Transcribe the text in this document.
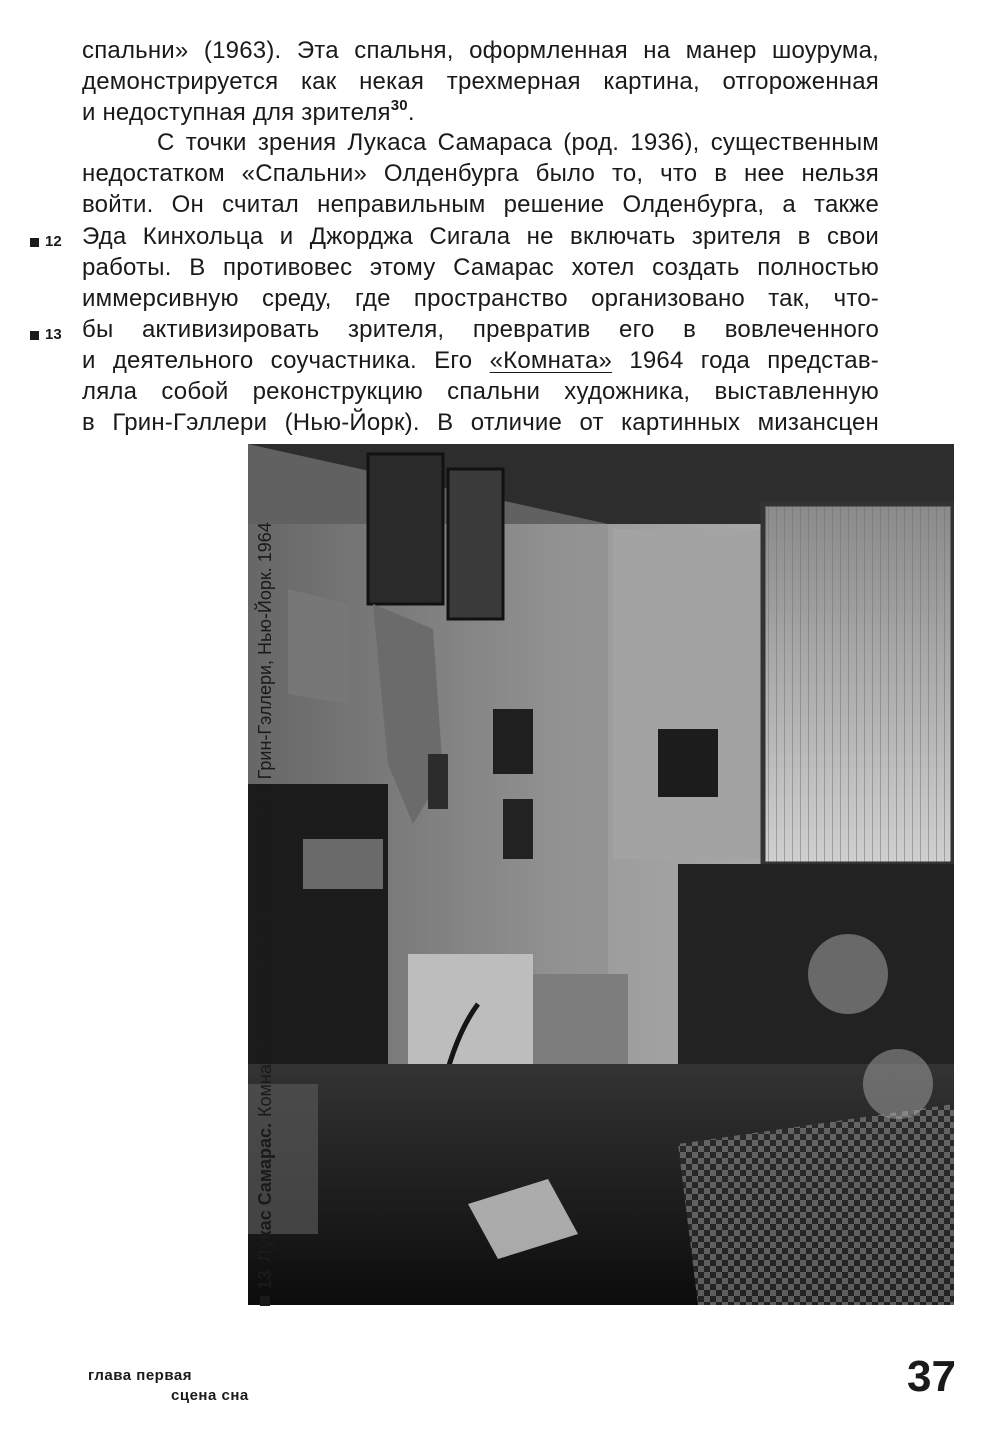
спальни» (1963). Эта спальня, оформленная на манер шоурума,
демонстрируется как некая трехмерная картина, отгороженная
и недоступная для зрителя$^{30}$.
С точки зрения Лукаса Самараса (род. 1936), существенным
недостатком «Спальни» Олденбурга было то, что в нее нельзя
войти. Он считал неправильным решение Олденбурга, а также
Эда Кинхольца и Джорджа Сигала не включать зрителя в свои
работы. В противовес этому Самарас хотел создать полностью
иммерсивную среду, где пространство организовано так, что-
бы активизировать зрителя, превратив его в вовлеченного
и деятельного соучастника. Его «Комната» 1964 года представ-
ляла собой реконструкцию спальни художника, выставленную
в Грин-Гэллери (Нью-Йорк). В отличие от картинных мизансцен
12
13
13
Лукас Самарас.
Комната (Комната № 1). Инсталляция в Грин-Гэллери, Нью-Йорк. 1964
глава первая
сцена сна	37
